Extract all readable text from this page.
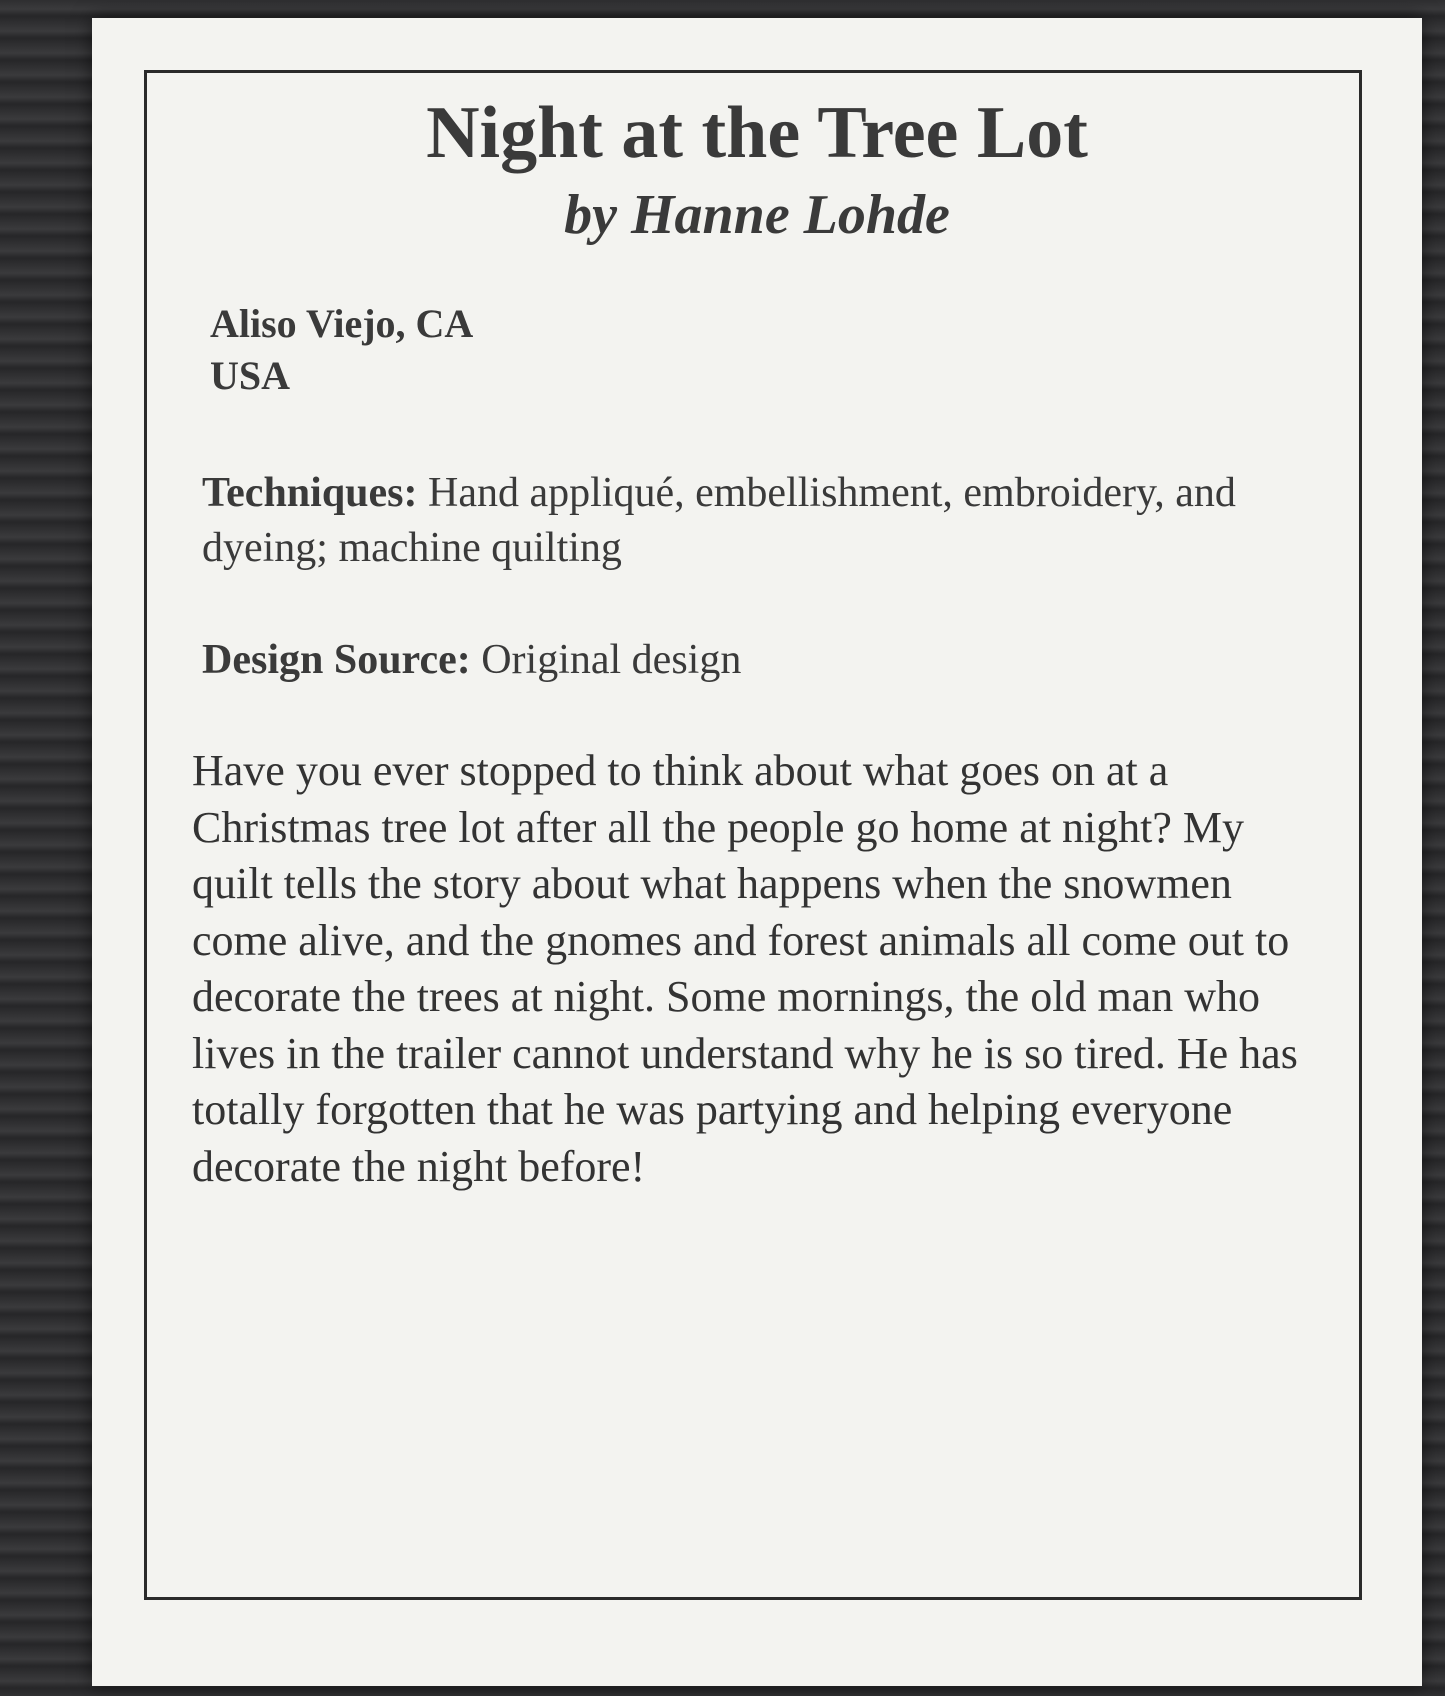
Night at the Tree Lot

by Hanne Lohde

Aliso Viejo, CA
USA
Techniques: Hand appliqué, embellishment, embroidery, and dyeing; machine quilting
Design Source: Original design

Have you ever stopped to think about what goes on at a Christmas tree lot after all the people go home at night? My quilt tells the story about what happens when the snowmen come alive, and the gnomes and forest animals all come out to decorate the trees at night. Some mornings, the old man who lives in the trailer cannot understand why he is so tired. He has totally forgotten that he was partying and helping everyone decorate the night before!
